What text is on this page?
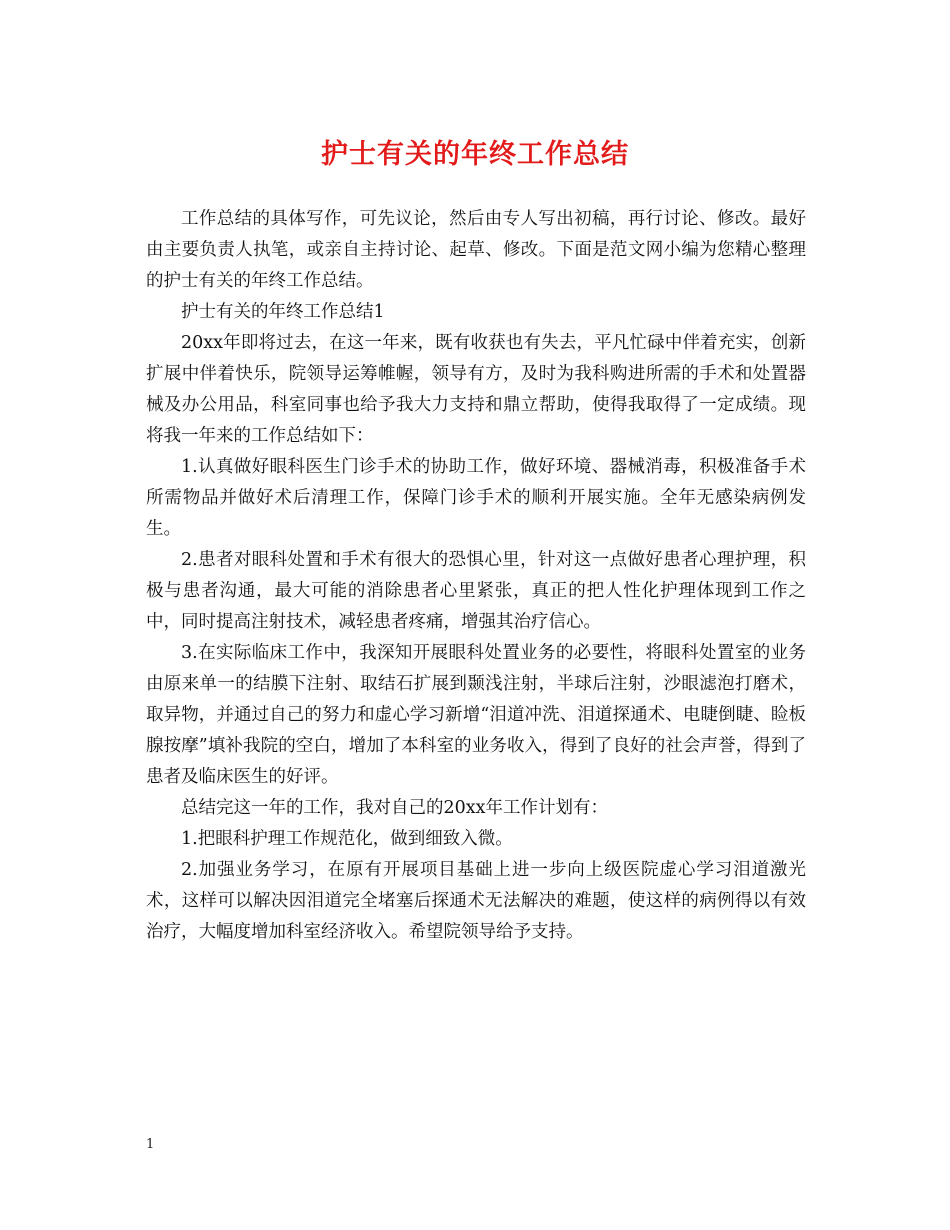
护士有关的年终工作总结

工作总结的具体写作，可先议论，然后由专人写出初稿，再行讨论、修改。最好由主要负责人执笔，或亲自主持讨论、起草、修改。下面是范文网小编为您精心整理的护士有关的年终工作总结。

护士有关的年终工作总结1

20xx年即将过去，在这一年来，既有收获也有失去，平凡忙碌中伴着充实，创新扩展中伴着快乐，院领导运筹帷幄，领导有方，及时为我科购进所需的手术和处置器械及办公用品，科室同事也给予我大力支持和鼎立帮助，使得我取得了一定成绩。现将我一年来的工作总结如下：

1.认真做好眼科医生门诊手术的协助工作，做好环境、器械消毒，积极准备手术所需物品并做好术后清理工作，保障门诊手术的顺利开展实施。全年无感染病例发生。

2.患者对眼科处置和手术有很大的恐惧心里，针对这一点做好患者心理护理，积极与患者沟通，最大可能的消除患者心里紧张，真正的把人性化护理体现到工作之中，同时提高注射技术，减轻患者疼痛，增强其治疗信心。

3.在实际临床工作中，我深知开展眼科处置业务的必要性，将眼科处置室的业务由原来单一的结膜下注射、取结石扩展到颞浅注射，半球后注射，沙眼滤泡打磨术，取异物，并通过自己的努力和虚心学习新增“泪道冲洗、泪道探通术、电睫倒睫、睑板腺按摩”填补我院的空白，增加了本科室的业务收入，得到了良好的社会声誉，得到了患者及临床医生的好评。

总结完这一年的工作，我对自己的20xx年工作计划有：

1.把眼科护理工作规范化，做到细致入微。

2.加强业务学习，在原有开展项目基础上进一步向上级医院虚心学习泪道激光术，这样可以解决因泪道完全堵塞后探通术无法解决的难题，使这样的病例得以有效治疗，大幅度增加科室经济收入。希望院领导给予支持。

1
